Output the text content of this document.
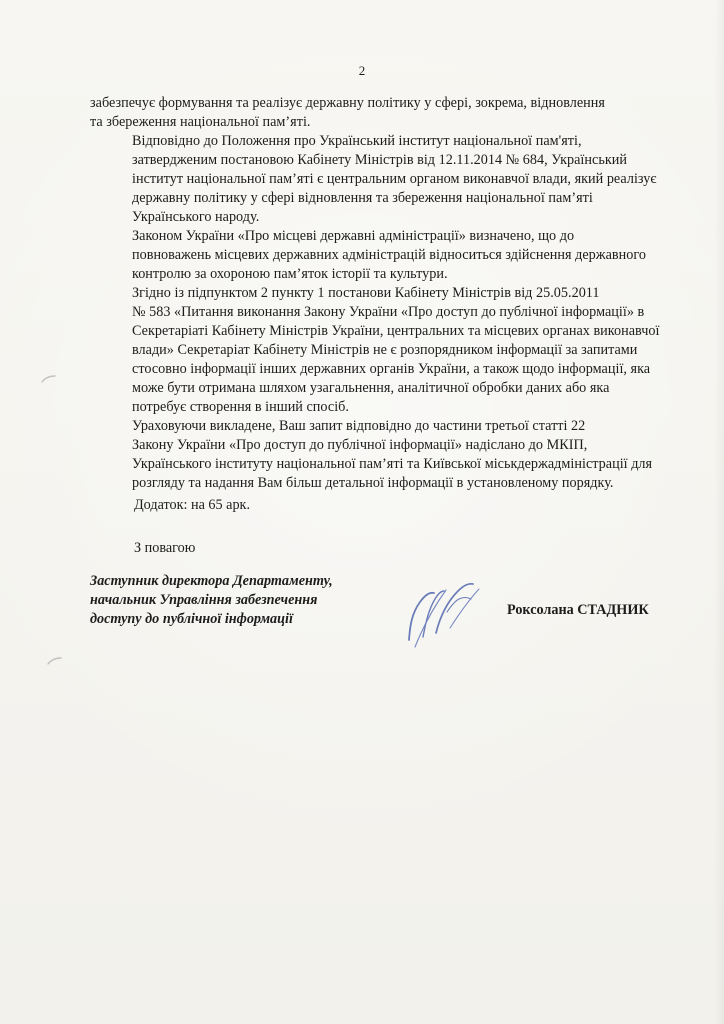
2

забезпечує формування та реалізує державну політику у сфері, зокрема, відновлення
та збереження національної пам’яті.

Відповідно до Положення про Український інститут національної пам'яті,
затвердженим постановою Кабінету Міністрів від 12.11.2014 № 684, Український
інститут національної пам’яті є центральним органом виконавчої влади, який реалізує
державну політику у сфері відновлення та збереження національної пам’яті
Українського народу.

Законом України «Про місцеві державні адміністрації» визначено, що до
повноважень місцевих державних адміністрацій відноситься здійснення державного
контролю за охороною пам’яток історії та культури.

Згідно із підпунктом 2 пункту 1 постанови Кабінету Міністрів від 25.05.2011
№ 583 «Питання виконання Закону України «Про доступ до публічної інформації» в
Секретаріаті Кабінету Міністрів України, центральних та місцевих органах виконавчої
влади» Секретаріат Кабінету Міністрів не є розпорядником інформації за запитами
стосовно інформації інших державних органів України, а також щодо інформації, яка
може бути отримана шляхом узагальнення, аналітичної обробки даних або яка
потребує створення в інший спосіб.

Ураховуючи викладене, Ваш запит відповідно до частини третьої статті 22
Закону України «Про доступ до публічної інформації» надіслано до МКІП,
Українського інституту національної пам’яті та Київської міськдержадміністрації для
розгляду та надання Вам більш детальної інформації в установленому порядку.

Додаток: на 65 арк.
З повагою
Заступник директора Департаменту,
начальник Управління забезпечення
доступу до публічної інформації
Роксолана СТАДНИК
